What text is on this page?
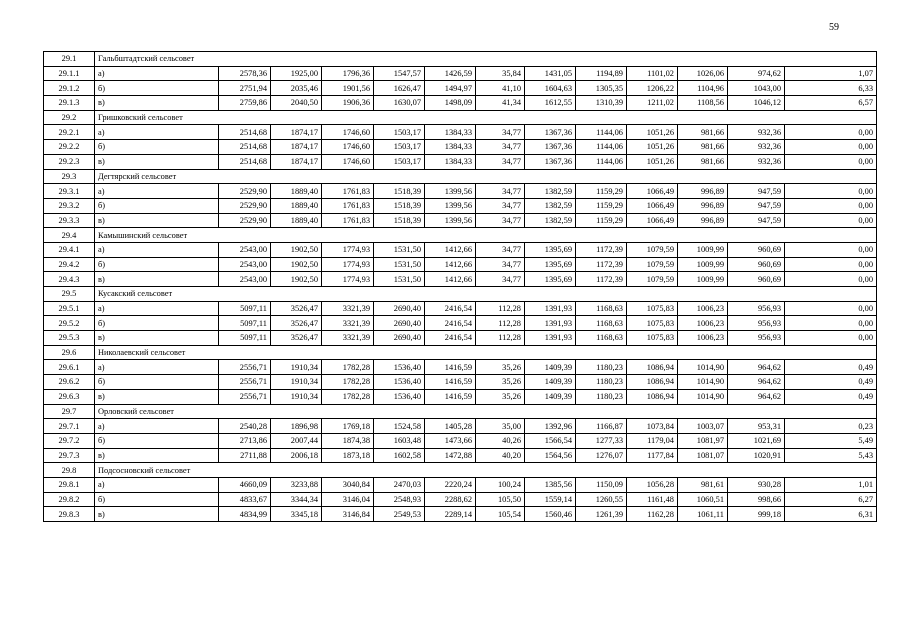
59
29.1	Гальбштадтский сельсовет												
29.1.1	а)	2578,36	1925,00	1796,36	1547,57	1426,59	35,84	1431,05	1194,89	1101,02	1026,06	974,62	1,07
29.1.2	б)	2751,94	2035,46	1901,56	1626,47	1494,97	41,10	1604,63	1305,35	1206,22	1104,96	1043,00	6,33
29.1.3	в)	2759,86	2040,50	1906,36	1630,07	1498,09	41,34	1612,55	1310,39	1211,02	1108,56	1046,12	6,57
29.2	Гришковский сельсовет												
29.2.1	а)	2514,68	1874,17	1746,60	1503,17	1384,33	34,77	1367,36	1144,06	1051,26	981,66	932,36	0,00
29.2.2	б)	2514,68	1874,17	1746,60	1503,17	1384,33	34,77	1367,36	1144,06	1051,26	981,66	932,36	0,00
29.2.3	в)	2514,68	1874,17	1746,60	1503,17	1384,33	34,77	1367,36	1144,06	1051,26	981,66	932,36	0,00
29.3	Дегтярский сельсовет												
29.3.1	а)	2529,90	1889,40	1761,83	1518,39	1399,56	34,77	1382,59	1159,29	1066,49	996,89	947,59	0,00
29.3.2	б)	2529,90	1889,40	1761,83	1518,39	1399,56	34,77	1382,59	1159,29	1066,49	996,89	947,59	0,00
29.3.3	в)	2529,90	1889,40	1761,83	1518,39	1399,56	34,77	1382,59	1159,29	1066,49	996,89	947,59	0,00
29.4	Камышинский сельсовет												
29.4.1	а)	2543,00	1902,50	1774,93	1531,50	1412,66	34,77	1395,69	1172,39	1079,59	1009,99	960,69	0,00
29.4.2	б)	2543,00	1902,50	1774,93	1531,50	1412,66	34,77	1395,69	1172,39	1079,59	1009,99	960,69	0,00
29.4.3	в)	2543,00	1902,50	1774,93	1531,50	1412,66	34,77	1395,69	1172,39	1079,59	1009,99	960,69	0,00
29.5	Кусакский сельсовет												
29.5.1	а)	5097,11	3526,47	3321,39	2690,40	2416,54	112,28	1391,93	1168,63	1075,83	1006,23	956,93	0,00
29.5.2	б)	5097,11	3526,47	3321,39	2690,40	2416,54	112,28	1391,93	1168,63	1075,83	1006,23	956,93	0,00
29.5.3	в)	5097,11	3526,47	3321,39	2690,40	2416,54	112,28	1391,93	1168,63	1075,83	1006,23	956,93	0,00
29.6	Николаевский сельсовет												
29.6.1	а)	2556,71	1910,34	1782,28	1536,40	1416,59	35,26	1409,39	1180,23	1086,94	1014,90	964,62	0,49
29.6.2	б)	2556,71	1910,34	1782,28	1536,40	1416,59	35,26	1409,39	1180,23	1086,94	1014,90	964,62	0,49
29.6.3	в)	2556,71	1910,34	1782,28	1536,40	1416,59	35,26	1409,39	1180,23	1086,94	1014,90	964,62	0,49
29.7	Орловский сельсовет												
29.7.1	а)	2540,28	1896,98	1769,18	1524,58	1405,28	35,00	1392,96	1166,87	1073,84	1003,07	953,31	0,23
29.7.2	б)	2713,86	2007,44	1874,38	1603,48	1473,66	40,26	1566,54	1277,33	1179,04	1081,97	1021,69	5,49
29.7.3	в)	2711,88	2006,18	1873,18	1602,58	1472,88	40,20	1564,56	1276,07	1177,84	1081,07	1020,91	5,43
29.8	Подсосновский сельсовет												
29.8.1	а)	4660,09	3233,88	3040,84	2470,03	2220,24	100,24	1385,56	1150,09	1056,28	981,61	930,28	1,01
29.8.2	б)	4833,67	3344,34	3146,04	2548,93	2288,62	105,50	1559,14	1260,55	1161,48	1060,51	998,66	6,27
29.8.3	в)	4834,99	3345,18	3146,84	2549,53	2289,14	105,54	1560,46	1261,39	1162,28	1061,11	999,18	6,31
